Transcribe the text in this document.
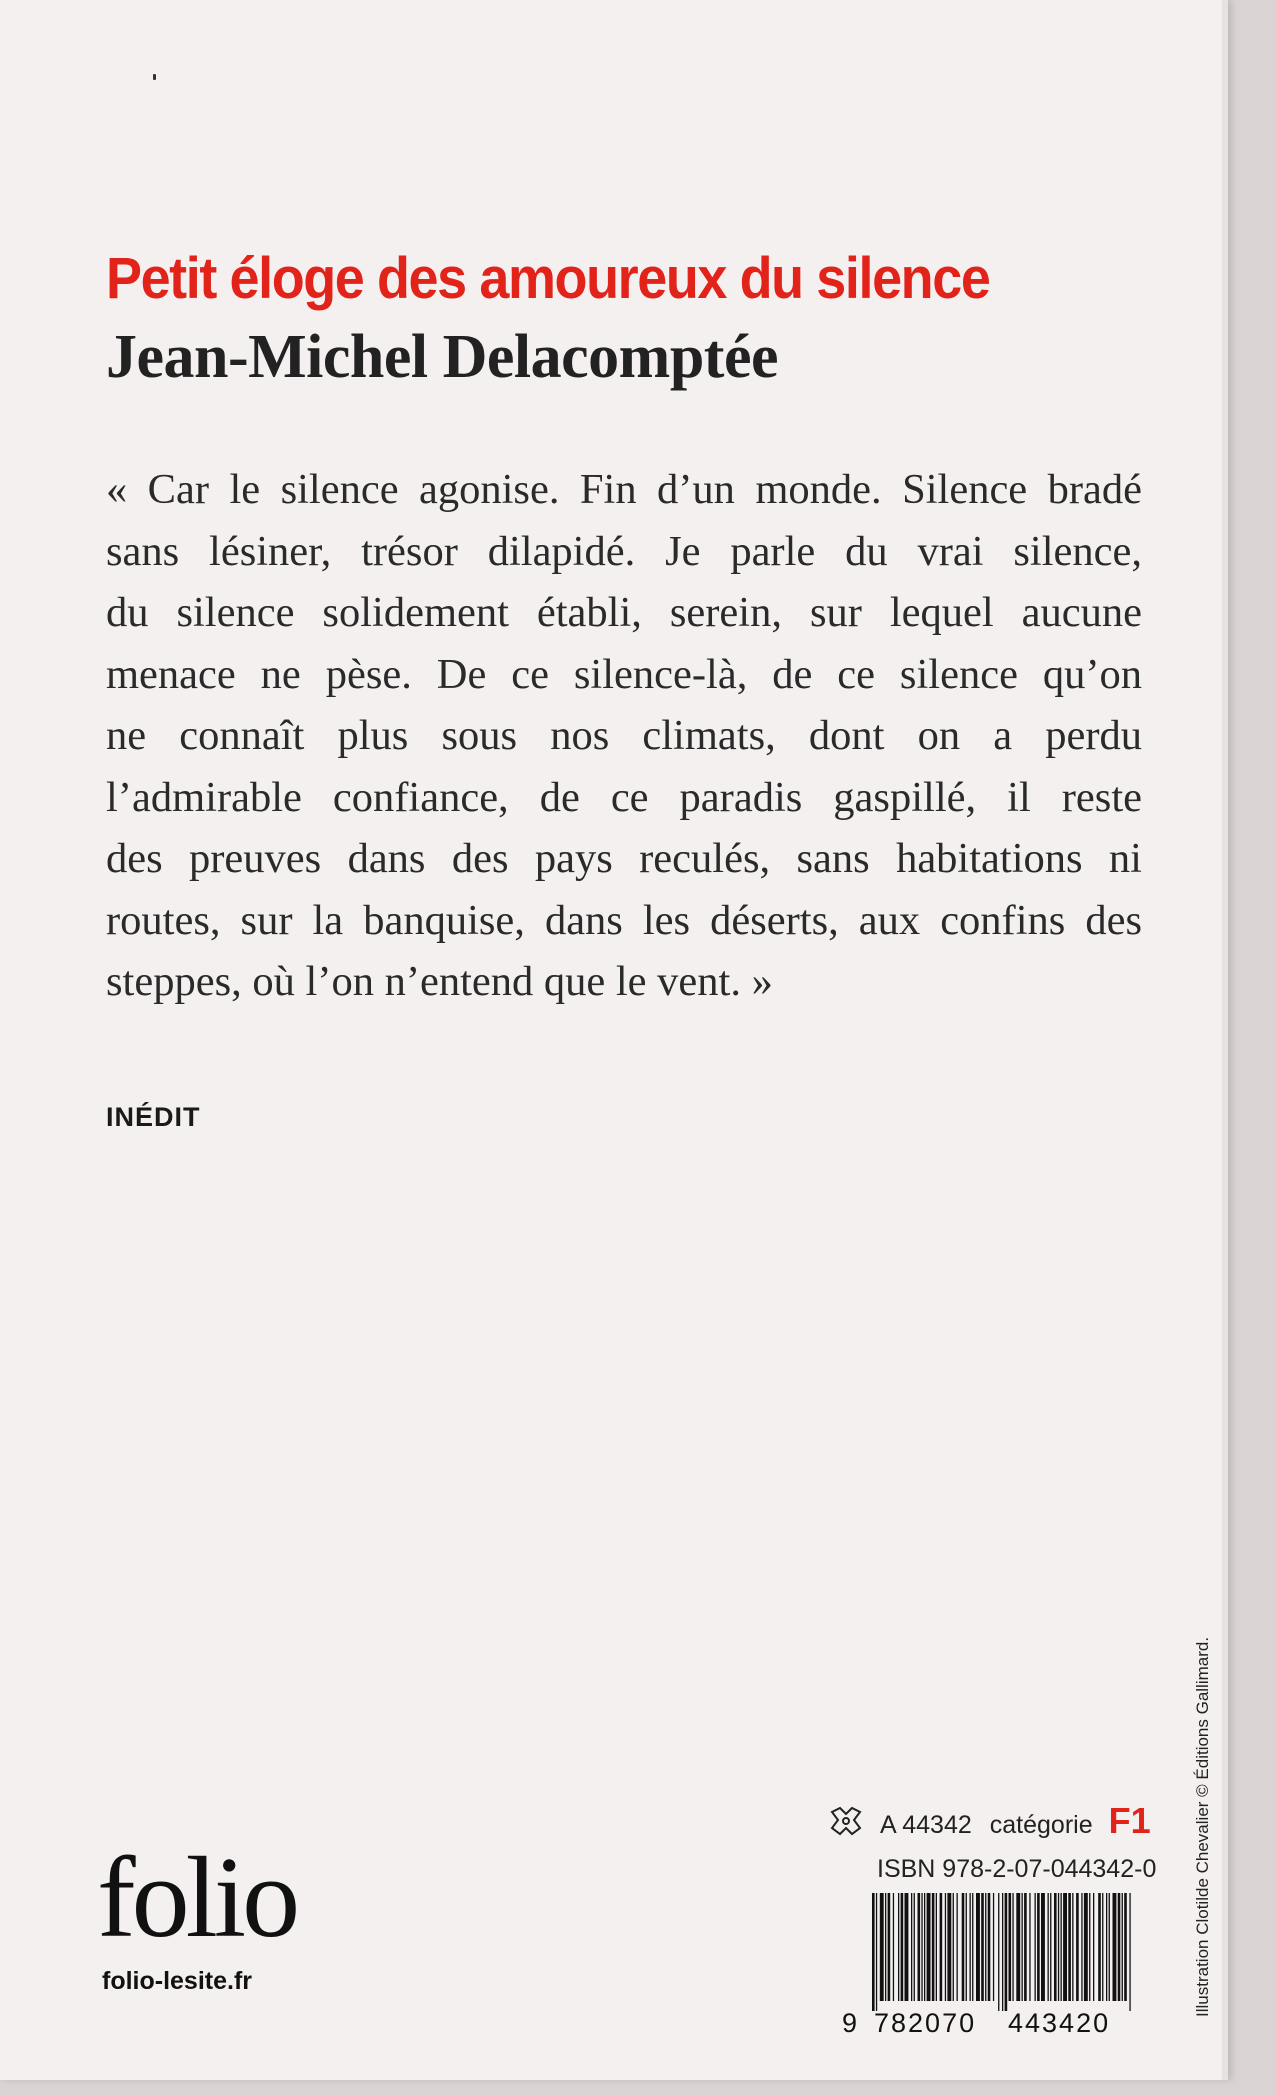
Petit éloge des amoureux du silence
Jean-Michel Delacomptée
« Car le silence agonise. Fin d’un monde. Silence bradé
sans lésiner, trésor dilapidé. Je parle du vrai silence,
du silence solidement établi, serein, sur lequel aucune
menace ne pèse. De ce silence-là, de ce silence qu’on
ne connaît plus sous nos climats, dont on a perdu
l’admirable confiance, de ce paradis gaspillé, il reste
des preuves dans des pays reculés, sans habitations ni
routes, sur la banquise, dans les déserts, aux confins des
steppes, où l’on n’entend que le vent. »

INÉDIT

folio

folio-lesite.fr

A 44342 catégorie F1
ISBN 978-2-07-044342-0
9 782070 443420
Illustration Clotilde Chevalier © Éditions Gallimard.
